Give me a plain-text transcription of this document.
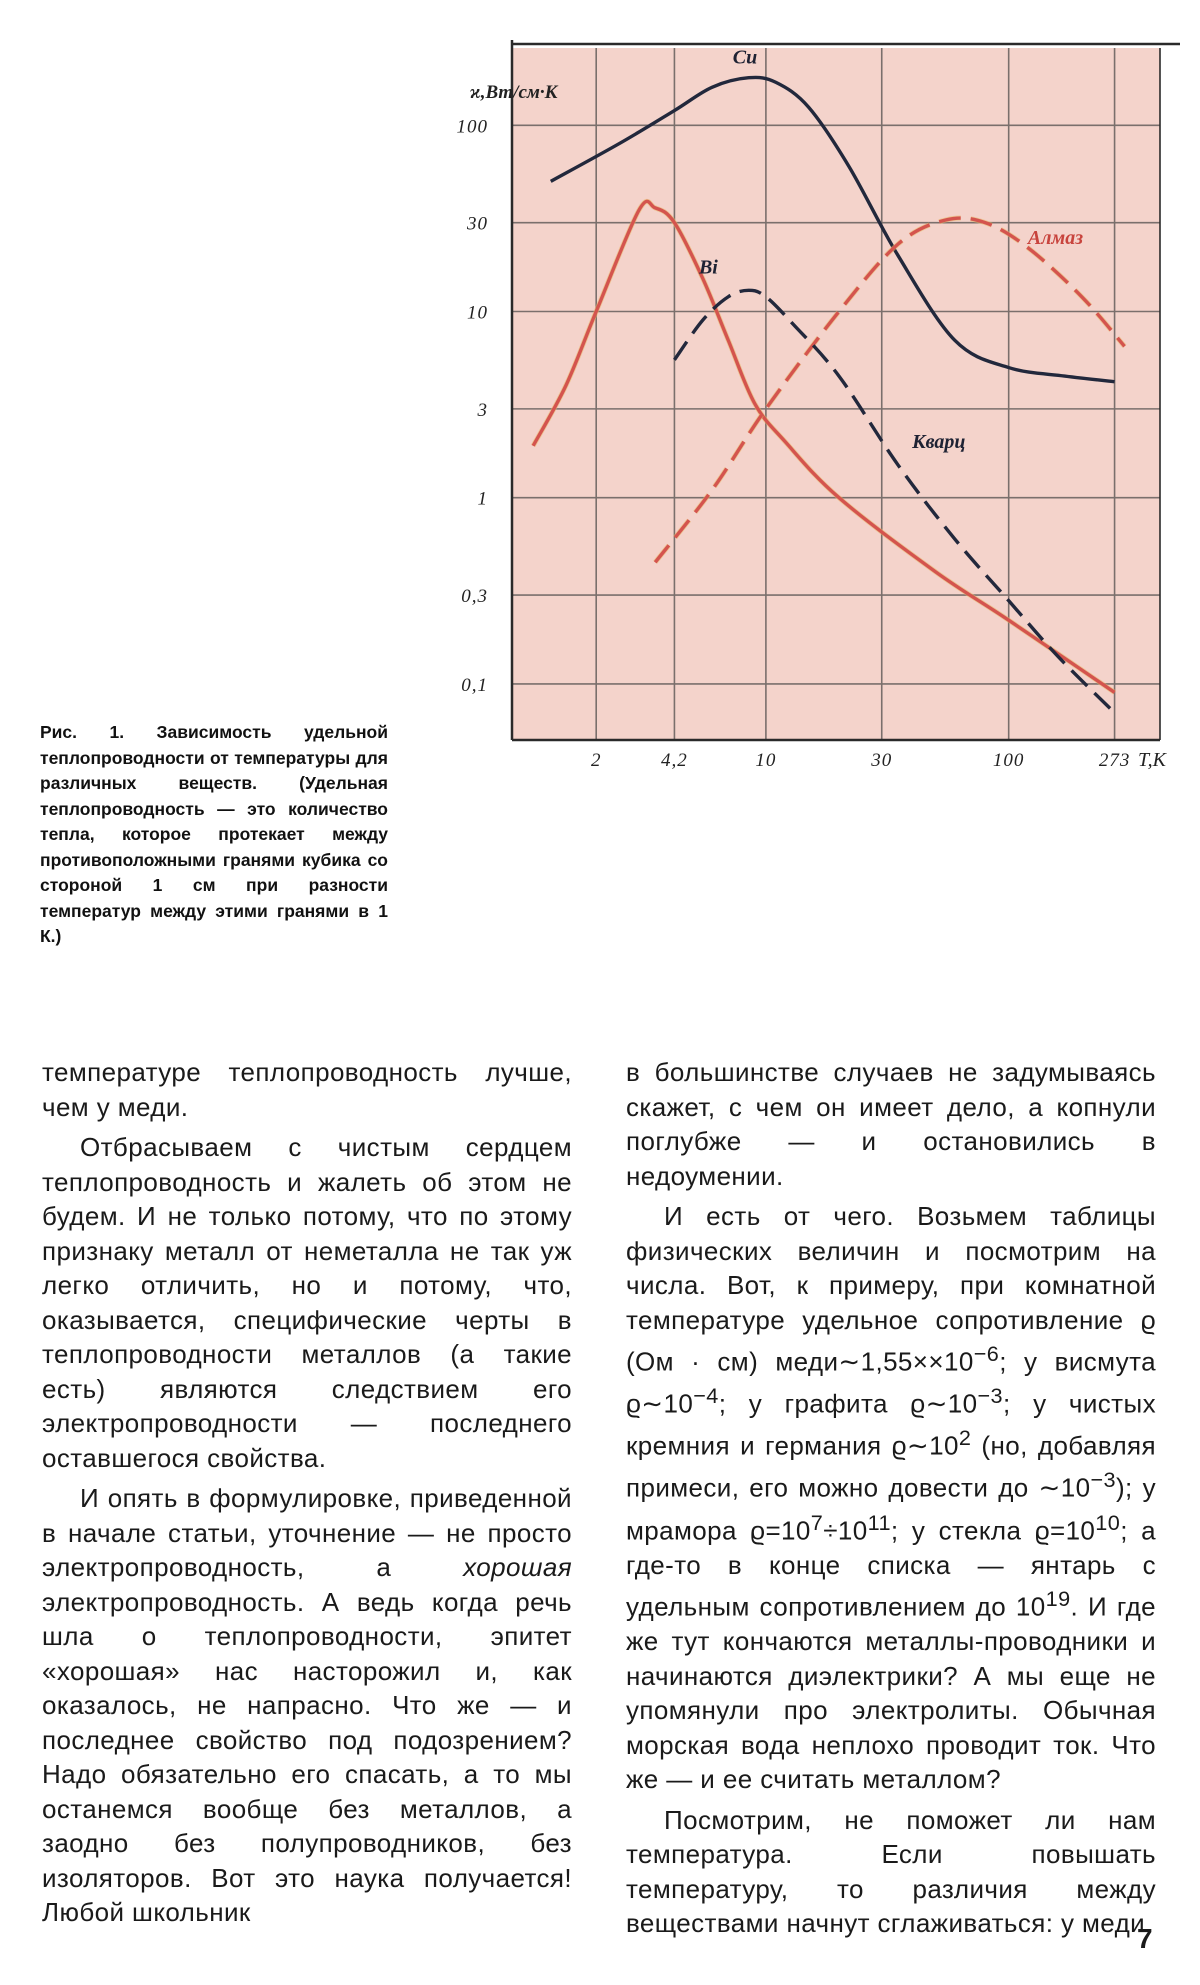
2	4,2	10	30	100	273
100
30
10
3
1
0,3
0,1
ϰ,Вт/см·К
T,К
Cu
Bi
Алмаз
Кварц
Рис. 1. Зависимость удельной теплопроводности от температуры для различных веществ. (Удельная теплопроводность — это количество тепла, которое протекает между противоположными гранями кубика со стороной 1 см при разности температур между этими гранями в 1 К.)

температуре теплопроводность лучше, чем у меди.

Отбрасываем с чистым сердцем теплопроводность и жалеть об этом не будем. И не только потому, что по этому признаку металл от неметалла не так уж легко отличить, но и потому, что, оказывается, специфические черты в теплопроводности металлов (а такие есть) являются следствием его электропроводности — последнего оставшегося свойства.

И опять в формулировке, приведенной в начале статьи, уточнение — не просто электропроводность, а хорошая электропроводность. А ведь когда речь шла о теплопроводности, эпитет «хорошая» нас насторожил и, как оказалось, не напрасно. Что же — и последнее свойство под подозрением? Надо обязательно его спасать, а то мы останемся вообще без металлов, а заодно без полупроводников, без изоляторов. Вот это наука получается! Любой школьник

в большинстве случаев не задумываясь скажет, с чем он имеет дело, а копнули поглубже — и остановились в недоумении.

И есть от чего. Возьмем таблицы физических величин и посмотрим на числа. Вот, к примеру, при комнатной температуре удельное сопротивление ϱ (Ом · см) $меди\sim 1,55\times\times 10^{-6}$; у висмута $ϱ\sim 10^{-4}$; у графита $ϱ\sim 10^{-3}$; у чистых кремния и германия $ϱ\sim 10^2$ (но, добавляя примеси, его можно довести до $\sim 10^{-3}$); у мрамора $ϱ=10^7\div 10^{11}$; у стекла $ϱ=10^{10}$; а где-то в конце списка — янтарь с удельным сопротивлением до $10^{19}$. И где же тут кончаются металлы-проводники и начинаются диэлектрики? А мы еще не упомянули про электролиты. Обычная морская вода неплохо проводит ток. Что же — и ее считать металлом?

Посмотрим, не поможет ли нам температура. Если повышать температуру, то различия между веществами начнут сглаживаться: у меди

7
